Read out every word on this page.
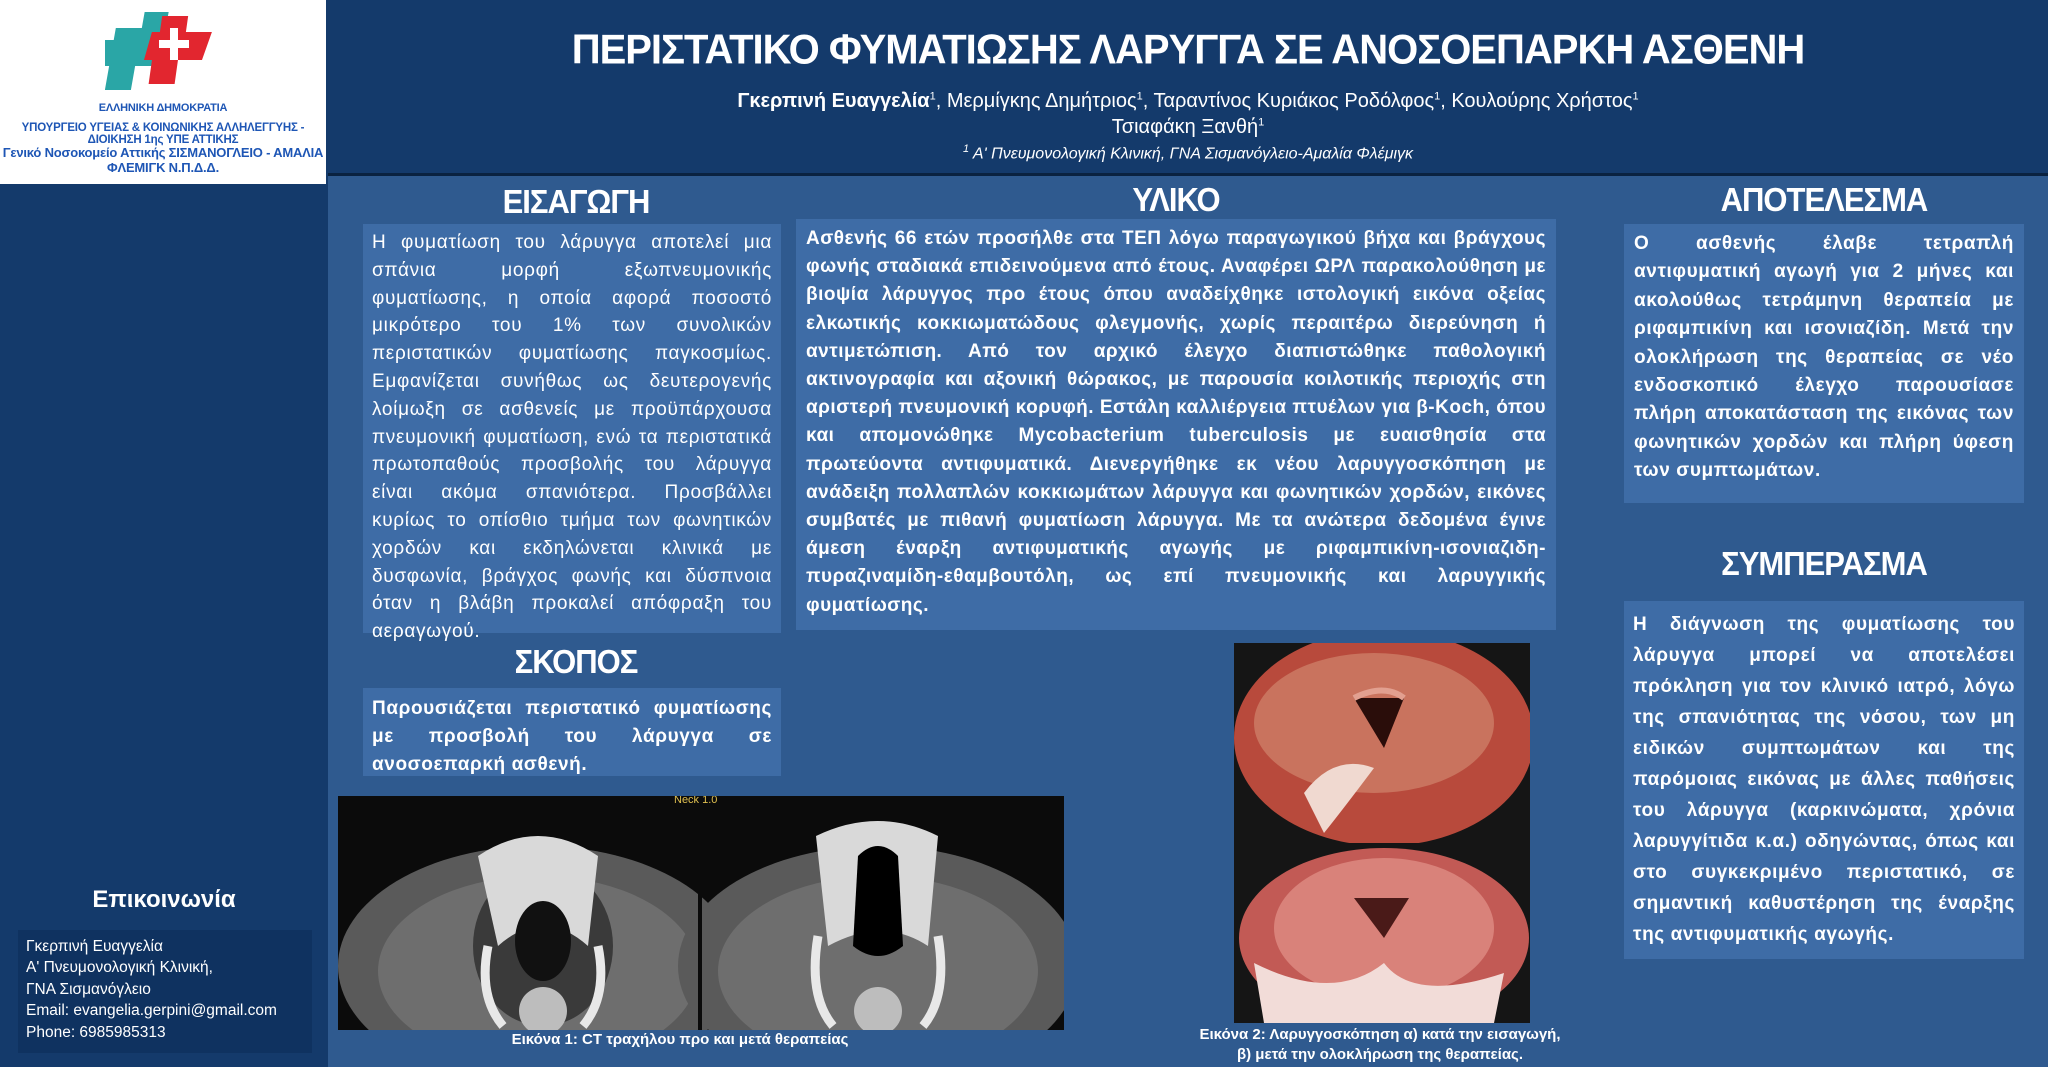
ΕΛΛΗΝΙΚΗ ΔΗΜΟΚΡΑΤΙΑ
ΥΠΟΥΡΓΕΙΟ ΥΓΕΙΑΣ & ΚΟΙΝΩΝΙΚΗΣ ΑΛΛΗΛΕΓΓΥΗΣ - ΔΙΟΙΚΗΣΗ 1ης ΥΠΕ ΑΤΤΙΚΗΣ
Γενικό Νοσοκομείο Αττικής ΣΙΣΜΑΝΟΓΛΕΙΟ - ΑΜΑΛΙΑ ΦΛΕΜΙΓΚ Ν.Π.Δ.Δ.
ΠΕΡΙΣΤΑΤΙΚΟ ΦΥΜΑΤΙΩΣΗΣ ΛΑΡΥΓΓΑ ΣΕ ΑΝΟΣΟΕΠΑΡΚΗ ΑΣΘΕΝΗ
Γκερπινή Ευαγγελία$^1$, Μερμίγκης Δημήτριος$^1$, Ταραντίνος Κυριάκος Ροδόλφος$^1$, Κουλούρης Χρήστος$^1$
Τσιαφάκη Ξανθή$^1$
$^1$ Α' Πνευμονολογική Κλινική, ΓΝΑ Σισμανόγλειο-Αμαλία Φλέμιγκ
ΕΙΣΑΓΩΓΗ
Η φυματίωση του λάρυγγα αποτελεί μια σπάνια μορφή εξωπνευμονικής φυματίωσης, η οποία αφορά ποσοστό μικρότερο του 1% των συνολικών περιστατικών φυματίωσης παγκοσμίως. Εμφανίζεται συνήθως ως δευτερογενής λοίμωξη σε ασθενείς με προϋπάρχουσα πνευμονική φυματίωση, ενώ τα περιστατικά πρωτοπαθούς προσβολής του λάρυγγα είναι ακόμα σπανιότερα. Προσβάλλει κυρίως το οπίσθιο τμήμα των φωνητικών χορδών και εκδηλώνεται κλινικά με δυσφωνία, βράγχος φωνής και δύσπνοια όταν η βλάβη προκαλεί απόφραξη του αεραγωγού.
ΣΚΟΠΟΣ
Παρουσιάζεται περιστατικό φυματίωσης με προσβολή του λάρυγγα σε ανοσοεπαρκή ασθενή.
ΥΛΙΚΟ
Ασθενής 66 ετών προσήλθε στα ΤΕΠ λόγω παραγωγικού βήχα και βράγχους φωνής σταδιακά επιδεινούμενα από έτους. Αναφέρει ΩΡΛ παρακολούθηση με βιοψία λάρυγγος προ έτους όπου αναδείχθηκε ιστολογική εικόνα οξείας ελκωτικής κοκκιωματώδους φλεγμονής, χωρίς περαιτέρω διερεύνηση ή αντιμετώπιση. Από τον αρχικό έλεγχο διαπιστώθηκε παθολογική ακτινογραφία και αξονική θώρακος, με παρουσία κοιλοτικής περιοχής στη αριστερή πνευμονική κορυφή. Εστάλη καλλιέργεια πτυέλων για β-Koch, όπου και απομονώθηκε Mycobacterium tuberculosis με ευαισθησία στα πρωτεύοντα αντιφυματικά. Διενεργήθηκε εκ νέου λαρυγγοσκόπηση με ανάδειξη πολλαπλών κοκκιωμάτων λάρυγγα και φωνητικών χορδών, εικόνες συμβατές με πιθανή φυματίωση λάρυγγα. Με τα ανώτερα δεδομένα έγινε άμεση έναρξη αντιφυματικής αγωγής με ριφαμπικίνη-ισονιαζιδη-πυραζιναμίδη-εθαμβουτόλη, ως επί πνευμονικής και λαρυγγικής φυματίωσης.
ΑΠΟΤΕΛΕΣΜΑ
Ο ασθενής έλαβε τετραπλή αντιφυματική αγωγή για 2 μήνες και ακολούθως τετράμηνη θεραπεία με ριφαμπικίνη και ισονιαζίδη. Μετά την ολοκλήρωση της θεραπείας σε νέο ενδοσκοπικό έλεγχο παρουσίασε πλήρη αποκατάσταση της εικόνας των φωνητικών χορδών και πλήρη ύφεση των συμπτωμάτων.
ΣΥΜΠΕΡΑΣΜΑ
Η διάγνωση της φυματίωσης του λάρυγγα μπορεί να αποτελέσει πρόκληση για τον κλινικό ιατρό, λόγω της σπανιότητας της νόσου, των μη ειδικών συμπτωμάτων και της παρόμοιας εικόνας με άλλες παθήσεις του λάρυγγα (καρκινώματα, χρόνια λαρυγγίτιδα κ.α.) οδηγώντας, όπως και στο συγκεκριμένο περιστατικό, σε σημαντική καθυστέρηση της έναρξης της αντιφυματικής αγωγής.
Neck 1.0
Εικόνα 1: CT τραχήλου προ και μετά θεραπείας	Εικόνα 2: Λαρυγγοσκόπηση α) κατά την εισαγωγή,
β) μετά την ολοκλήρωση της θεραπείας.
Επικοινωνία
Γκερπινή Ευαγγελία
Α' Πνευμονολογική Κλινική,
ΓΝΑ Σισμανόγλειο
Email: evangelia.gerpini@gmail.com
Phone: 6985985313
